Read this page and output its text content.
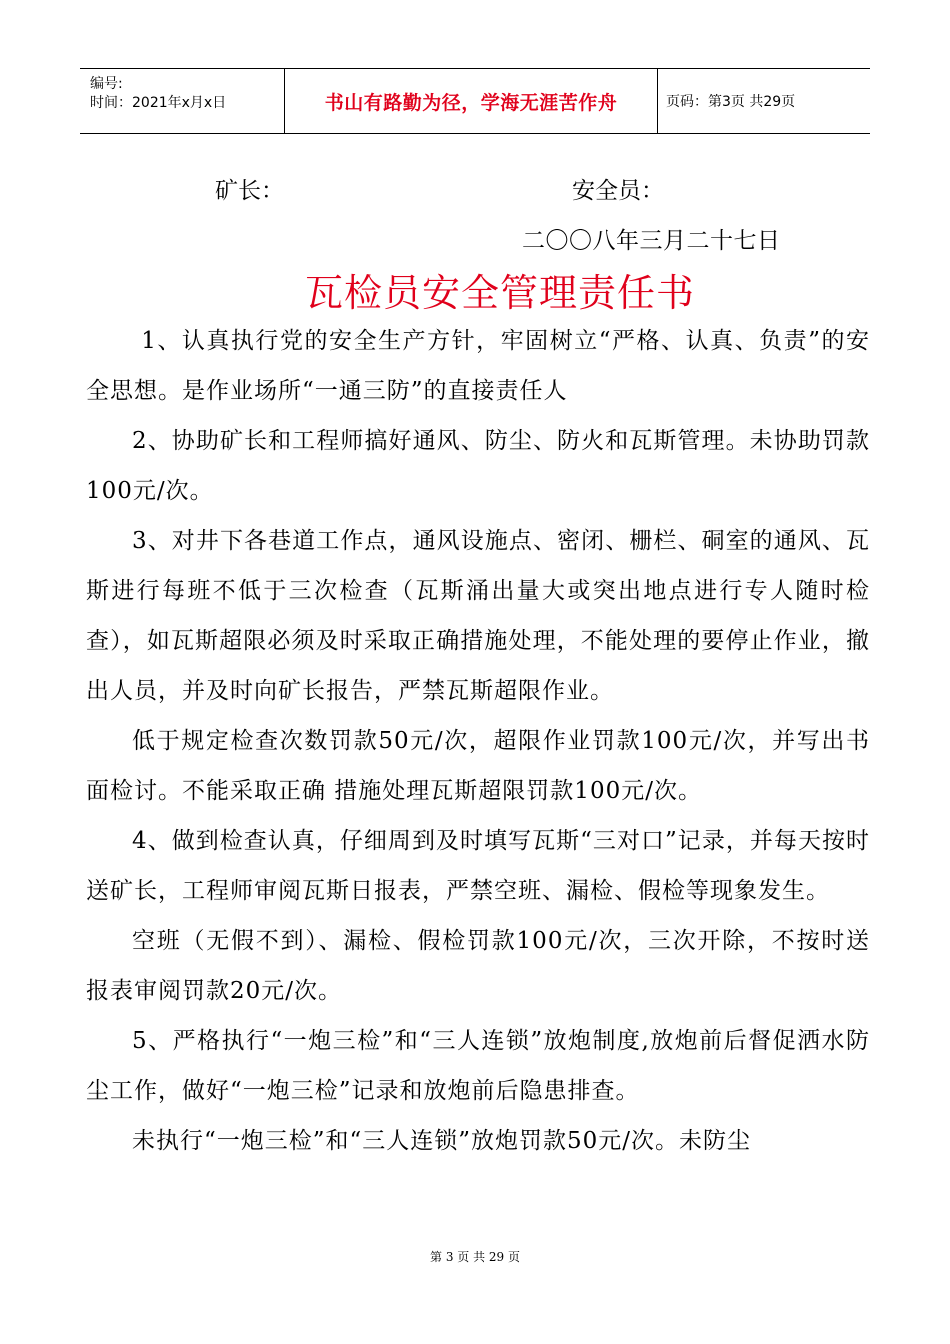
编号:
时间：2021年x月x日	书山有路勤为径，学海无涯苦作舟	页码：第3页 共29页
矿长：	安全员：
二〇〇八年三月二十七日
瓦检员安全管理责任书

1、认真执行党的安全生产方针，牢固树立“严格、认真、负责”的安全思想。是作业场所“一通三防”的直接责任人

2、协助矿长和工程师搞好通风、防尘、防火和瓦斯管理。未协助罚款100元/次。

3、对井下各巷道工作点，通风设施点、密闭、栅栏、硐室的通风、瓦斯进行每班不低于三次检查（瓦斯涌出量大或突出地点进行专人随时检查），如瓦斯超限必须及时采取正确措施处理，不能处理的要停止作业，撤出人员，并及时向矿长报告，严禁瓦斯超限作业。

低于规定检查次数罚款50元/次，超限作业罚款100元/次，并写出书面检讨。不能采取正确 措施处理瓦斯超限罚款100元/次。

4、做到检查认真，仔细周到及时填写瓦斯“三对口”记录，并每天按时送矿长，工程师审阅瓦斯日报表，严禁空班、漏检、假检等现象发生。

空班（无假不到）、漏检、假检罚款100元/次，三次开除，不按时送报表审阅罚款20元/次。

5、严格执行“一炮三检”和“三人连锁”放炮制度,放炮前后督促洒水防尘工作，做好“一炮三检”记录和放炮前后隐患排查。

未执行“一炮三检”和“三人连锁”放炮罚款50元/次。未防尘

第 3 页 共 29 页
